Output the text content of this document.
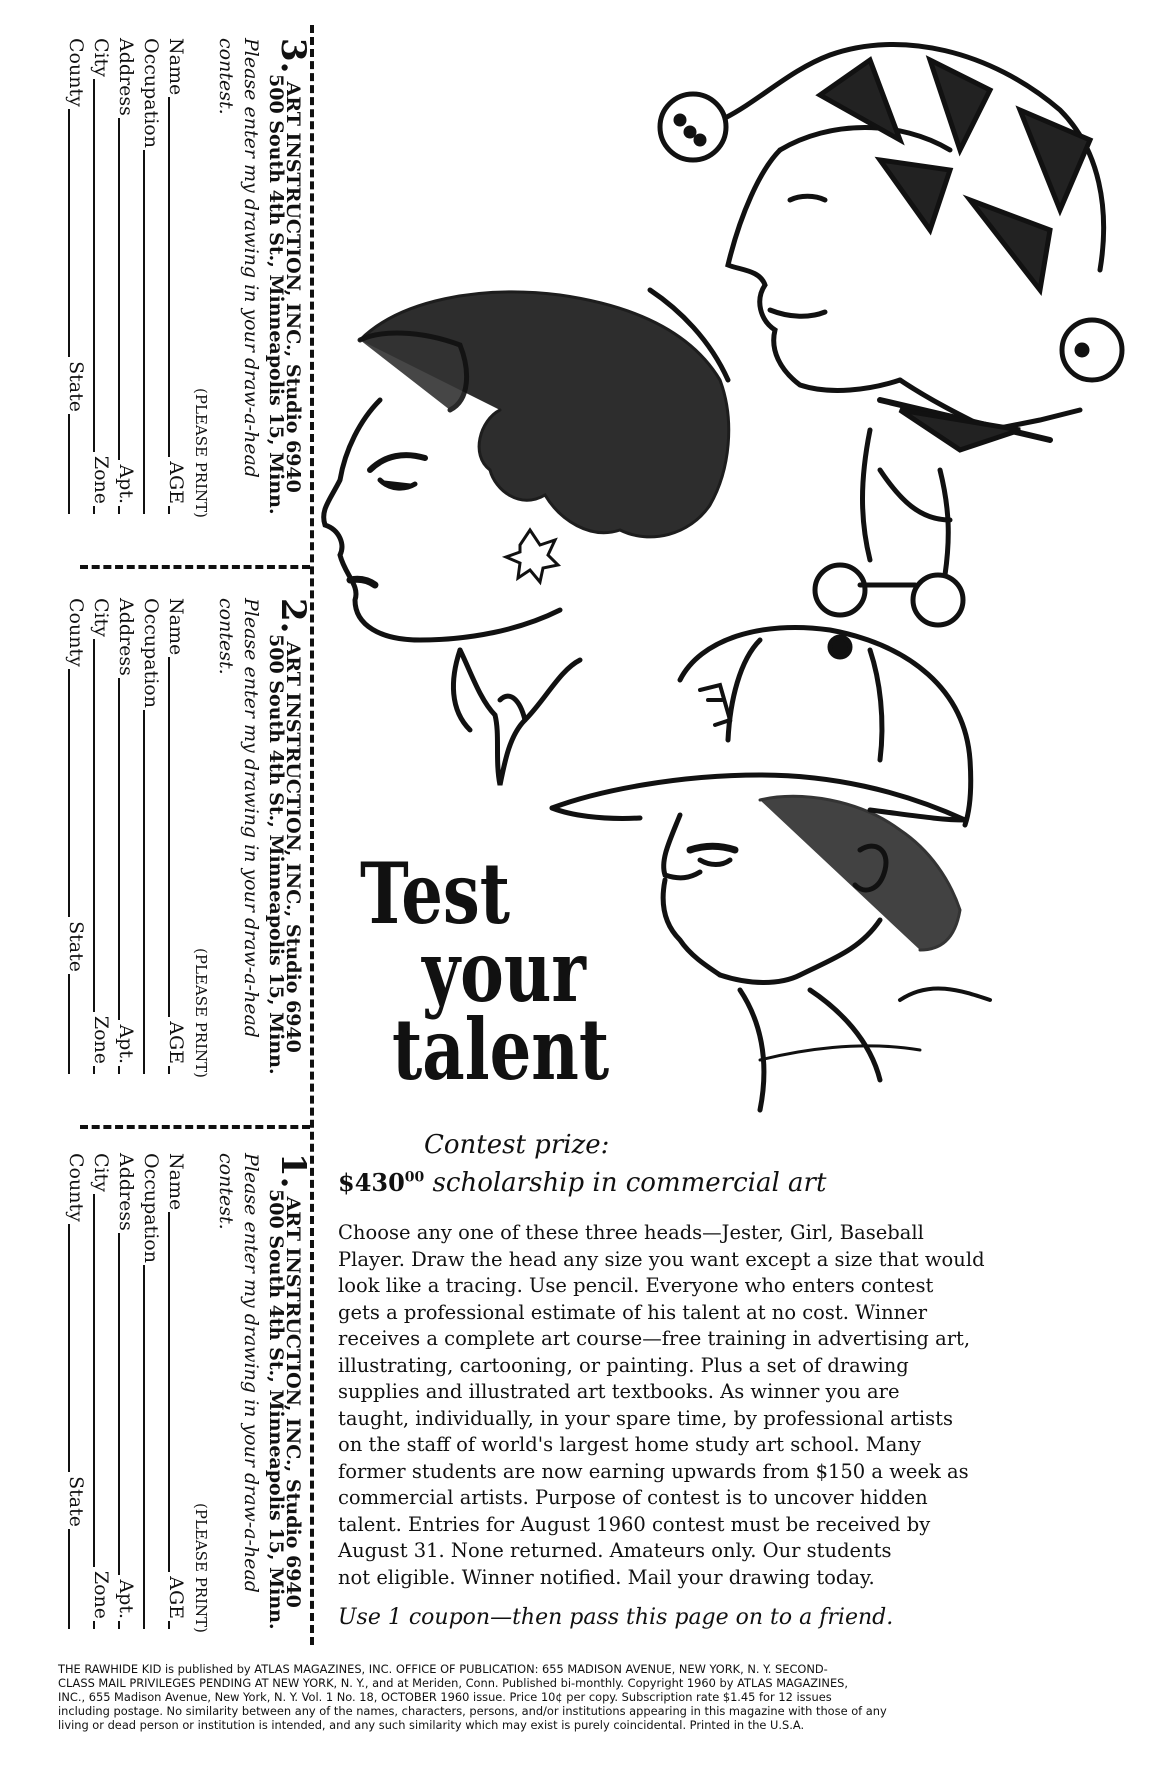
3.
ART INSTRUCTION, INC., Studio 6940
500 South 4th St., Minneapolis 15, Minn.
Please enter my drawing in your draw-a-head contest.
(PLEASE PRINT)
Name
AGE
Occupation
Address
Apt.
City
Zone
County
State
2.
ART INSTRUCTION, INC., Studio 6940
500 South 4th St., Minneapolis 15, Minn.
Please enter my drawing in your draw-a-head contest.
(PLEASE PRINT)
Name
AGE
Occupation
Address
Apt.
City
Zone
County
State
1.
ART INSTRUCTION, INC., Studio 6940
500 South 4th St., Minneapolis 15, Minn.
Please enter my drawing in your draw-a-head contest.
(PLEASE PRINT)
Name
AGE
Occupation
Address
Apt.
City
Zone
County
State
Test
your
talent
Contest prize:
$\$430^{00}$ scholarship in commercial art
Choose any one of these three heads—Jester, Girl, Baseball
Player. Draw the head any size you want except a size that would
look like a tracing. Use pencil. Everyone who enters contest
gets a professional estimate of his talent at no cost. Winner
receives a complete art course—free training in advertising art,
illustrating, cartooning, or painting. Plus a set of drawing
supplies and illustrated art textbooks. As winner you are
taught, individually, in your spare time, by professional artists
on the staff of world's largest home study art school. Many
former students are now earning upwards from $150 a week as
commercial artists. Purpose of contest is to uncover hidden
talent. Entries for August 1960 contest must be received by
August 31. None returned. Amateurs only. Our students
not eligible. Winner notified. Mail your drawing today.
Use 1 coupon—then pass this page on to a friend.
THE RAWHIDE KID is published by ATLAS MAGAZINES, INC. OFFICE OF PUBLICATION: 655 MADISON AVENUE, NEW YORK, N. Y. SECOND-
CLASS MAIL PRIVILEGES PENDING AT NEW YORK, N. Y., and at Meriden, Conn. Published bi-monthly. Copyright 1960 by ATLAS MAGAZINES,
INC., 655 Madison Avenue, New York, N. Y. Vol. 1 No. 18, OCTOBER 1960 issue. Price 10¢ per copy. Subscription rate $1.45 for 12 issues
including postage. No similarity between any of the names, characters, persons, and/or institutions appearing in this magazine with those of any
living or dead person or institution is intended, and any such similarity which may exist is purely coincidental. Printed in the U.S.A.
